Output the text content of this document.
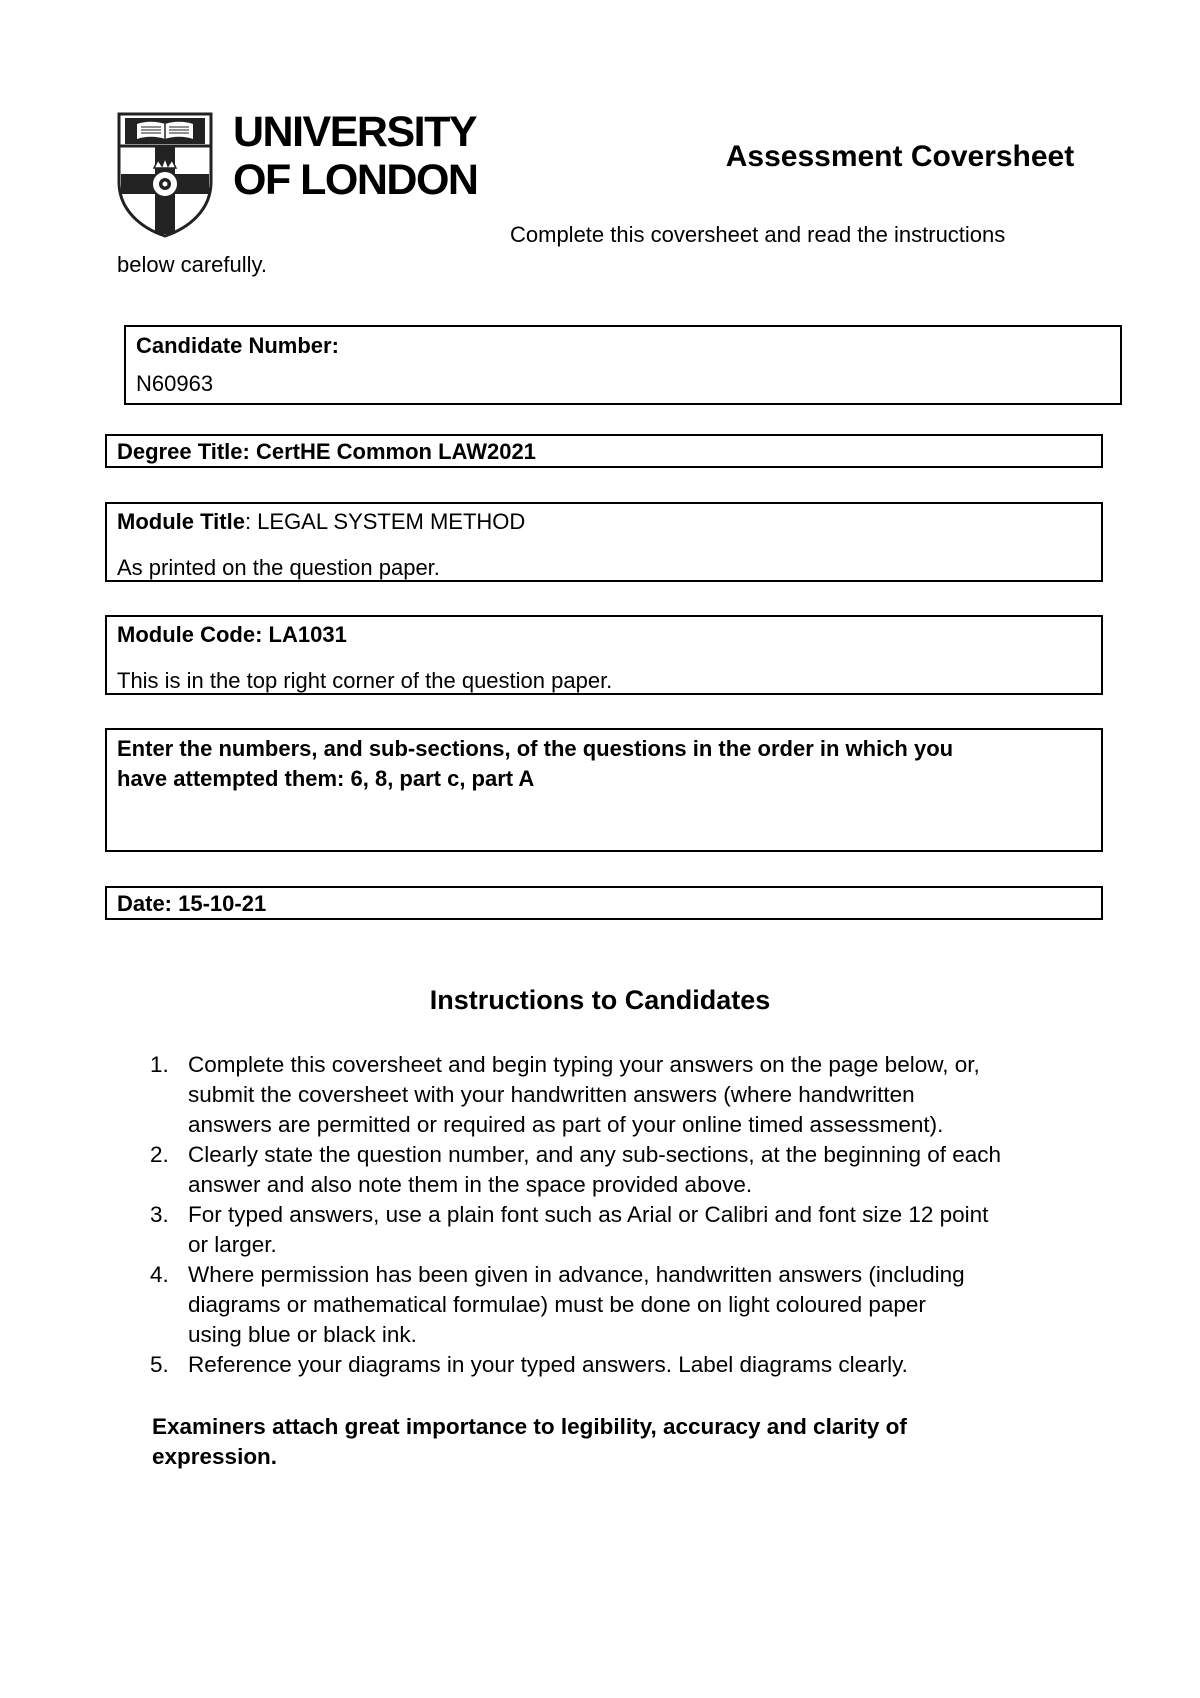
UNIVERSITY
OF LONDON	Assessment Coversheet
Complete this coversheet and read the instructions
below carefully.

Candidate Number:

N60963

Degree Title: CertHE Common LAW2021

Module Title: LEGAL SYSTEM METHOD

As printed on the question paper.

Module Code: LA1031

This is in the top right corner of the question paper.

Enter the numbers, and sub-sections, of the questions in the order in which you

have attempted them: 6, 8, part c, part A

Date: 15-10-21

Instructions to Candidates
1. Complete this coversheet and begin typing your answers on the page below, or,
submit the coversheet with your handwritten answers (where handwritten
answers are permitted or required as part of your online timed assessment).
2. Clearly state the question number, and any sub-sections, at the beginning of each
answer and also note them in the space provided above.
3. For typed answers, use a plain font such as Arial or Calibri and font size 12 point
or larger.
4. Where permission has been given in advance, handwritten answers (including
diagrams or mathematical formulae) must be done on light coloured paper
using blue or black ink.
5. Reference your diagrams in your typed answers. Label diagrams clearly.
Examiners attach great importance to legibility, accuracy and clarity of
expression.
